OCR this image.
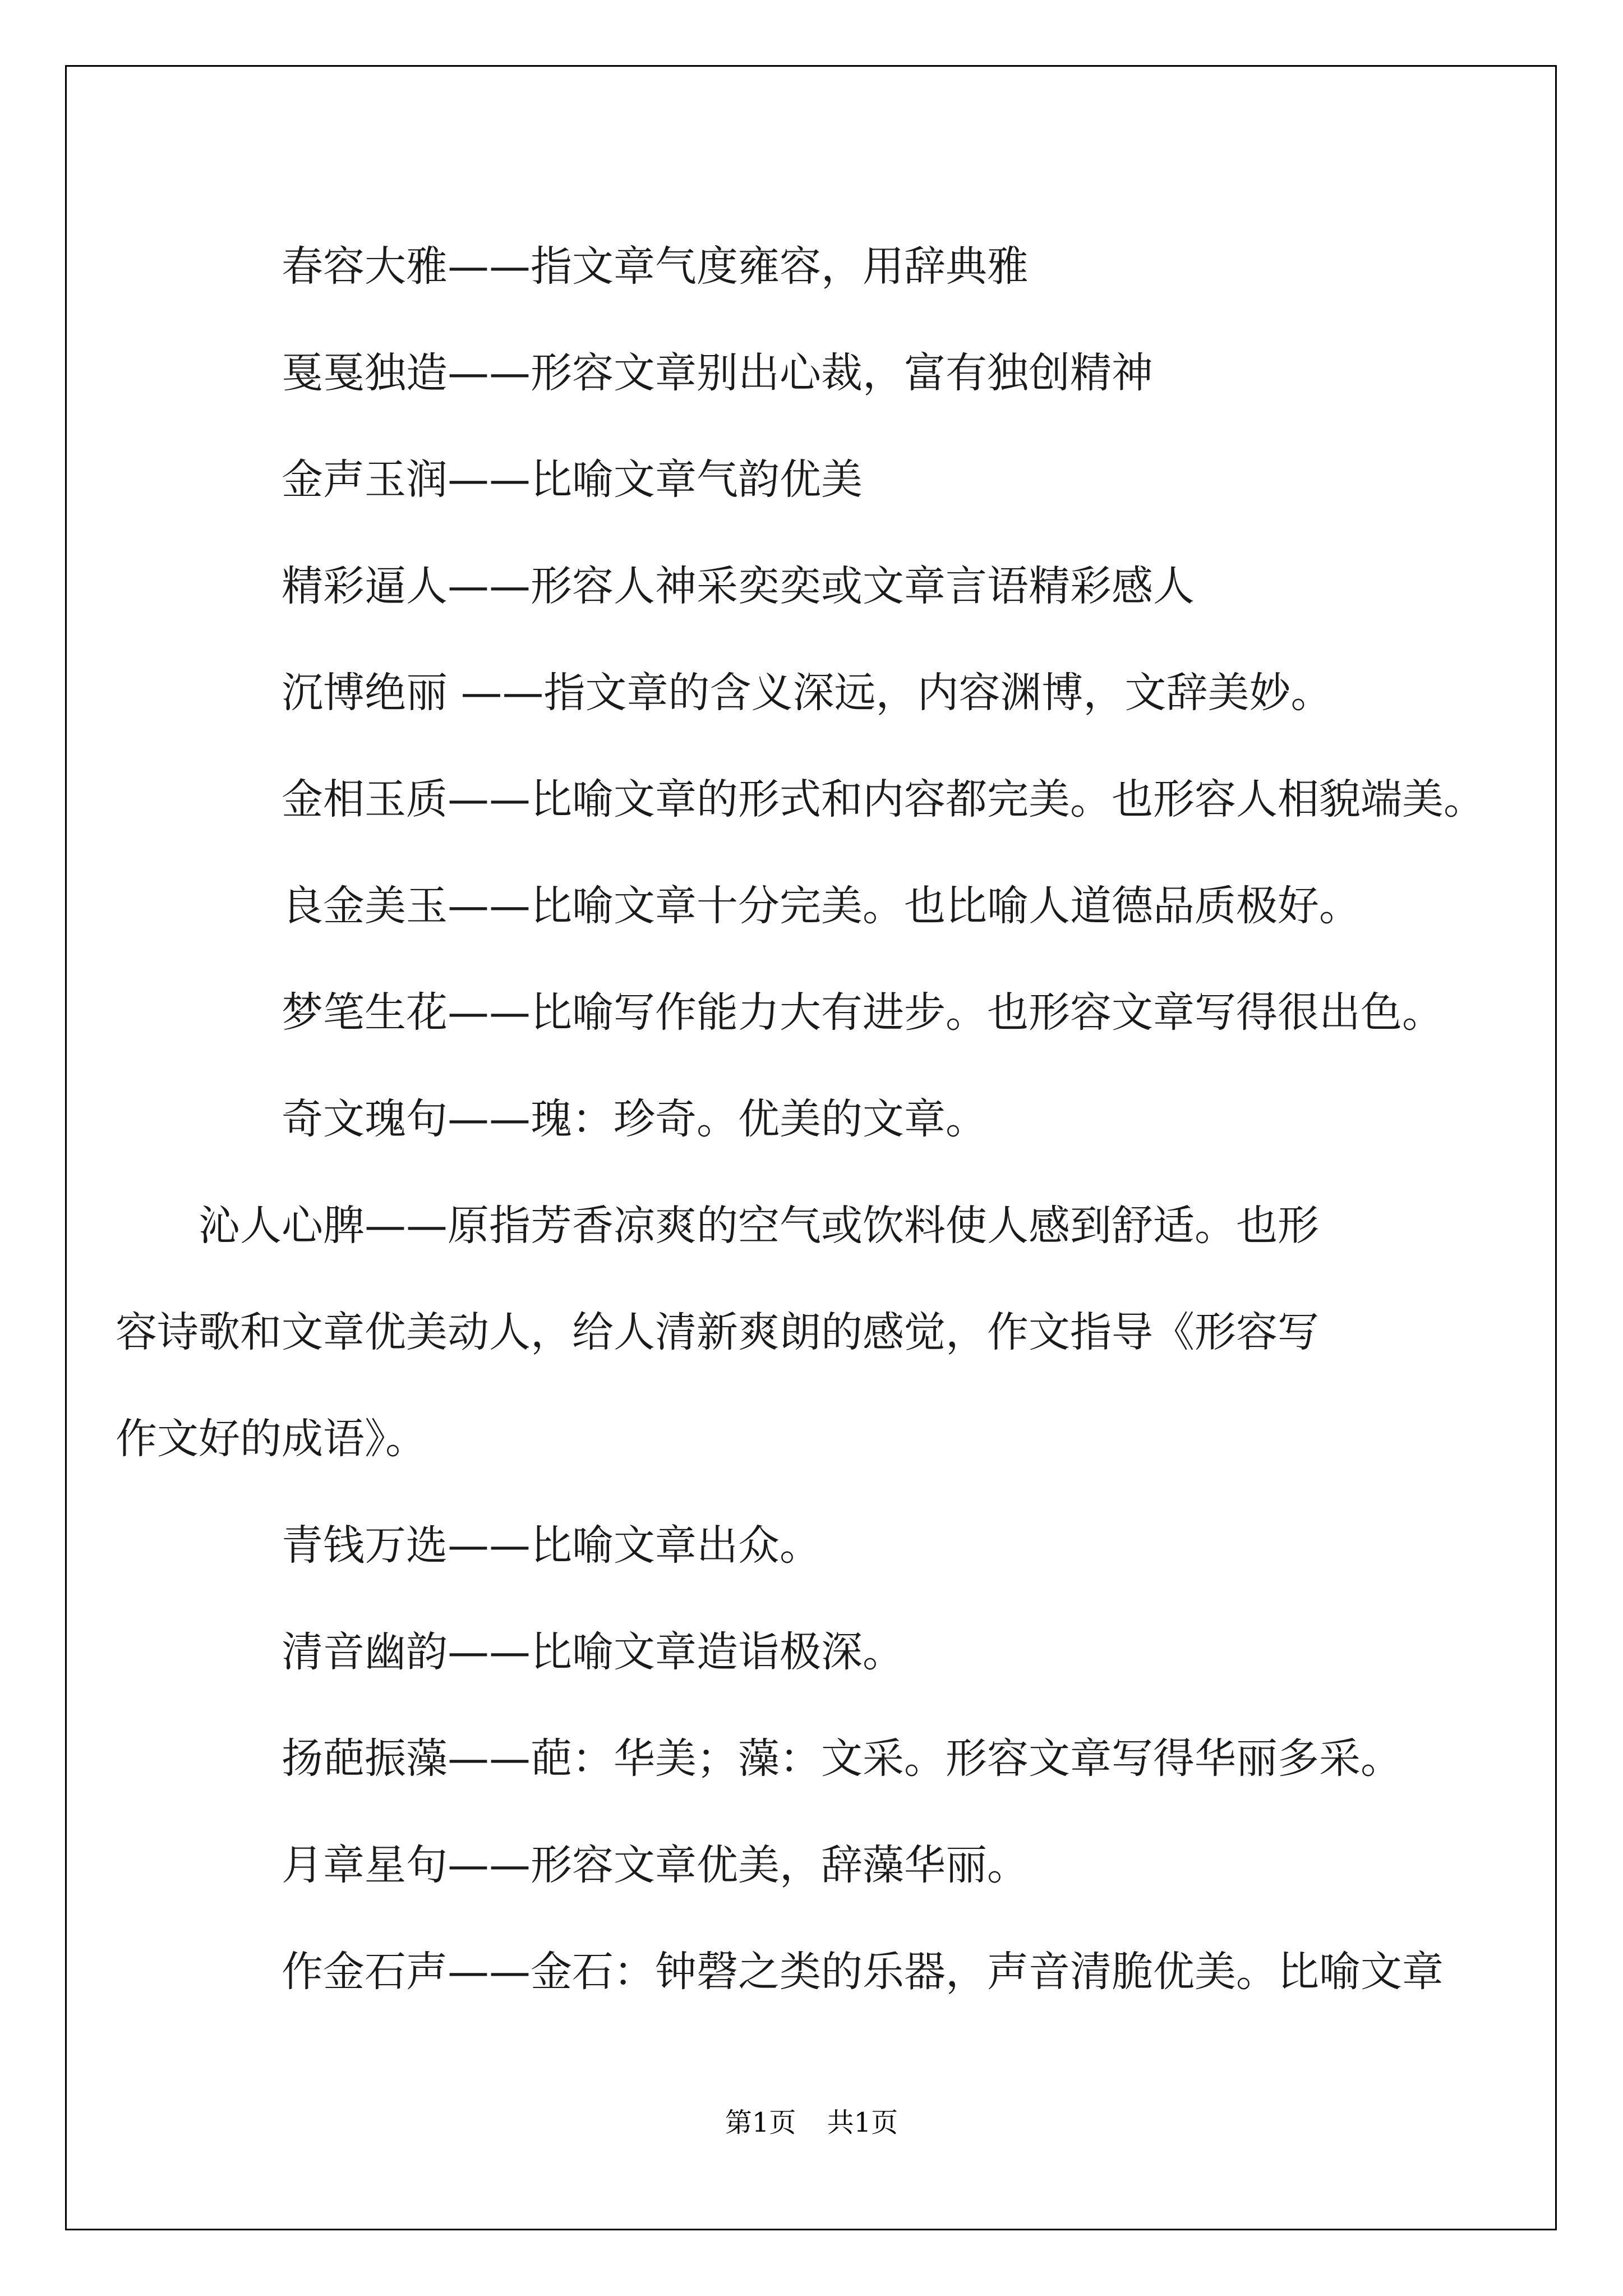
春容大雅——指文章气度雍容，用辞典雅

戛戛独造——形容文章别出心裁，富有独创精神

金声玉润——比喻文章气韵优美

精彩逼人——形容人神采奕奕或文章言语精彩感人

沉博绝丽 ——指文章的含义深远，内容渊博，文辞美妙。

金相玉质——比喻文章的形式和内容都完美。也形容人相貌端美。

良金美玉——比喻文章十分完美。也比喻人道德品质极好。

梦笔生花——比喻写作能力大有进步。也形容文章写得很出色。

奇文瑰句——瑰：珍奇。优美的文章。

沁人心脾——原指芳香凉爽的空气或饮料使人感到舒适。也形容诗歌和文章优美动人，给人清新爽朗的感觉，作文指导《形容写作文好的成语》。

青钱万选——比喻文章出众。

清音幽韵——比喻文章造诣极深。

扬葩振藻——葩：华美；藻：文采。形容文章写得华丽多采。

月章星句——形容文章优美，辞藻华丽。

作金石声——金石：钟磬之类的乐器，声音清脆优美。比喻文章

第1页 共1页
